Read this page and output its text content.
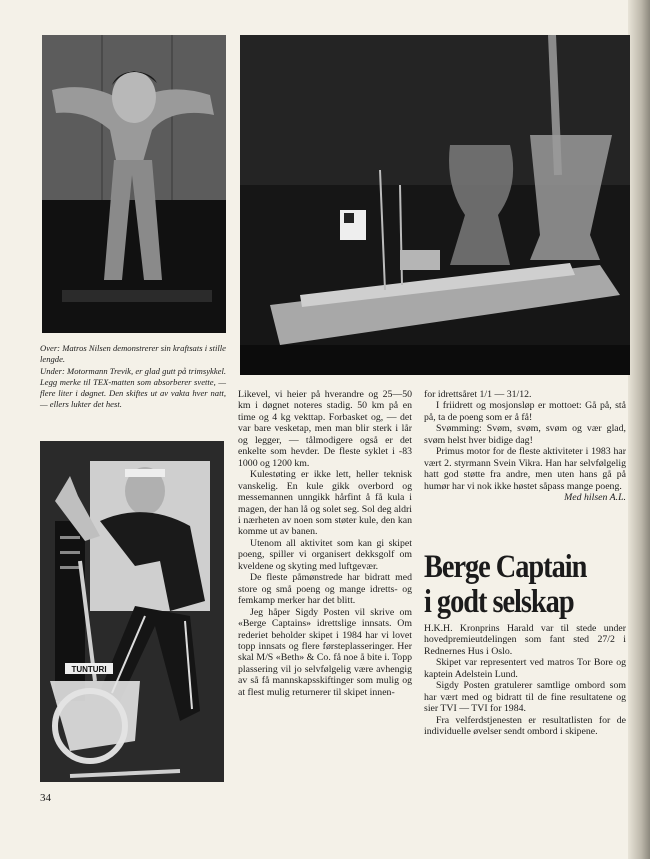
Over: Matros Nilsen demonstrerer sin kraftsats i stille lengde.

Under: Motormann Trevik, er glad gutt på trimsykkel. Legg merke til TEX-matten som absorberer svette, — flere liter i døgnet. Den skiftes ut av vakta hver natt, — ellers lukter det hest.

TUNTURI

Likevel, vi heier på hverandre og 25—50 km i døgnet noteres stadig. 50 km på en time og 4 kg vekttap. Forbasket og, — det var bare vesketap, men man blir sterk i lår og legger, — tålmodigere også er det enkelte som hevder. De fleste syklet i -83 1000 og 1200 km.

Kulestøting er ikke lett, heller teknisk vanskelig. En kule gikk overbord og messemannen unngikk hårfint å få kula i magen, der han lå og solet seg. Sol deg aldri i nærheten av noen som støter kule, den kan komme ut av banen.

Utenom all aktivitet som kan gi skipet poeng, spiller vi organisert dekksgolf om kveldene og skyting med luftgevær.

De fleste påmønstrede har bidratt med store og små poeng og mange idretts- og femkamp merker har det blitt.

Jeg håper Sigdy Posten vil skrive om «Berge Captains» idrettslige innsats. Om rederiet beholder skipet i 1984 har vi lovet topp innsats og flere førsteplasseringer. Her skal M/S «Beth» & Co. få noe å bite i. Topp plassering vil jo selvfølgelig være avhengig av så få mannskapsskiftinger som mulig og at flest mulig returnerer til skipet innen-

for idrettsåret 1/1 — 31/12.

I friidrett og mosjonsløp er mottoet: Gå på, stå på, ta de poeng som er å få!

Svømming: Svøm, svøm, svøm og vær glad, svøm helst hver bidige dag!

Primus motor for de fleste aktiviteter i 1983 har vært 2. styrmann Svein Vikra. Han har selvfølgelig hatt god støtte fra andre, men uten hans gå på humør har vi nok ikke høstet såpass mange poeng.

Med hilsen A.L.

Berge Captain
i godt selskap

H.K.H. Kronprins Harald var til stede under hovedpremieutdelingen som fant sted 27/2 i Rednernes Hus i Oslo.

Skipet var representert ved matros Tor Bore og kaptein Adelstein Lund.

Sigdy Posten gratulerer samtlige ombord som har vært med og bidratt til de fine resultatene og sier TVI — TVI for 1984.

Fra velferdstjenesten er resultatlisten for de individuelle øvelser sendt ombord i skipene.

34
